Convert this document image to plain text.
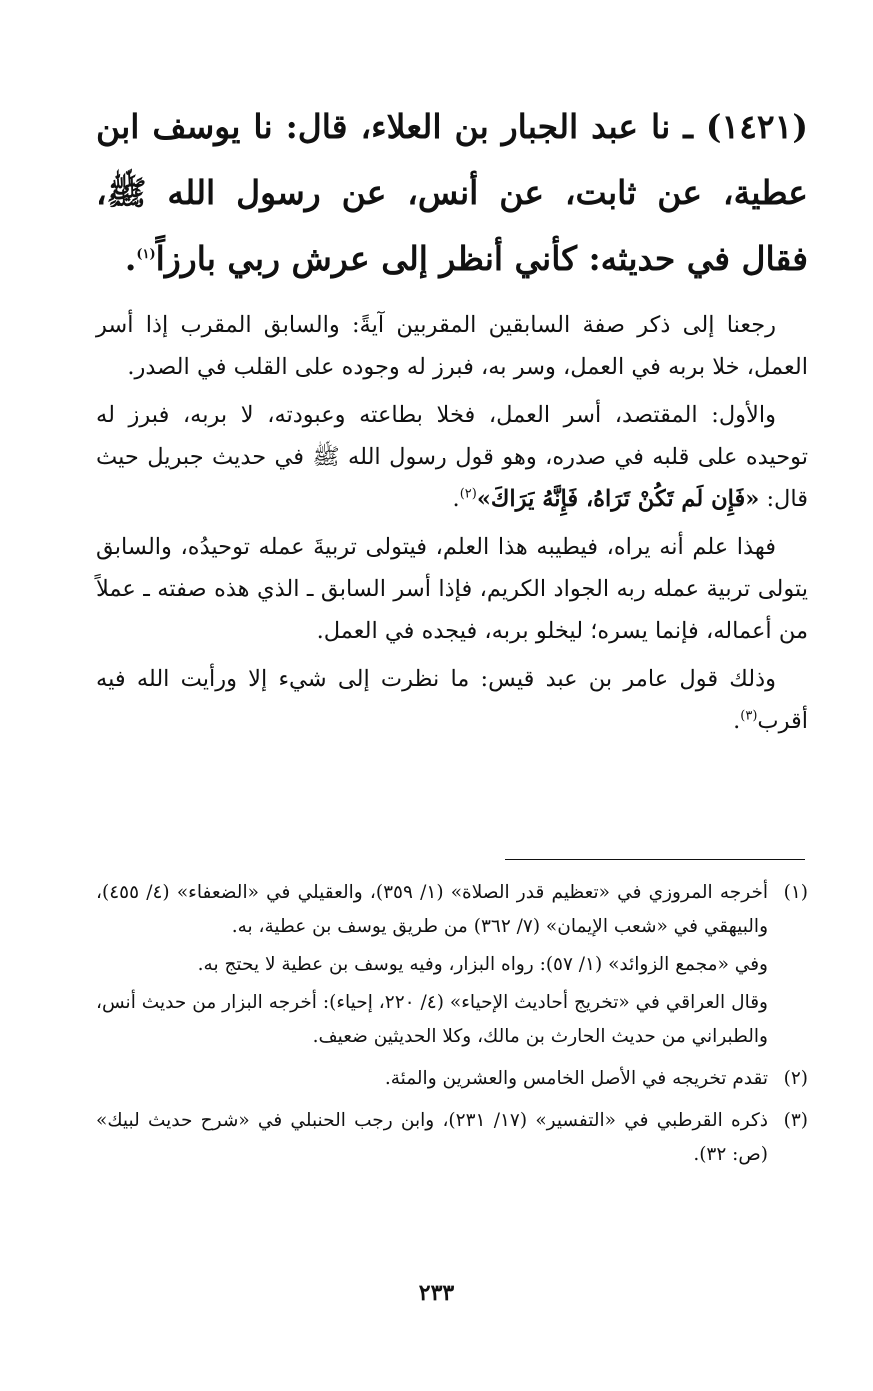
(١٤٢١) ـ نا عبد الجبار بن العلاء، قال: نا يوسف ابن عطية، عن ثابت، عن أنس، عن رسول الله ﷺ، فقال في حديثه: كأني أنظر إلى عرش ربي بارزاً$^{(١)}$.

رجعنا إلى ذكر صفة السابقين المقربين آيةً: والسابق المقرب إذا أسر العمل، خلا بربه في العمل، وسر به، فبرز له وجوده على القلب في الصدر.

والأول: المقتصد، أسر العمل، فخلا بطاعته وعبودته، لا بربه، فبرز له توحيده على قلبه في صدره، وهو قول رسول الله ﷺ في حديث جبريل حيث قال: «فَإِن لَم تَكُنْ تَرَاهُ، فَإِنَّهُ يَرَاكَ»$^{(٢)}$.

فهذا علم أنه يراه، فيطيبه هذا العلم، فيتولى تربيةَ عمله توحيدُه، والسابق يتولى تربية عمله ربه الجواد الكريم، فإذا أسر السابق ـ الذي هذه صفته ـ عملاً من أعماله، فإنما يسره؛ ليخلو بربه، فيجده في العمل.

وذلك قول عامر بن عبد قيس: ما نظرت إلى شيء إلا ورأيت الله فيه أقرب$^{(٣)}$.

(١)

أخرجه المروزي في «تعظيم قدر الصلاة» (١/ ٣٥٩)، والعقيلي في «الضعفاء» (٤/ ٤٥٥)، والبيهقي في «شعب الإيمان» (٧/ ٣٦٢) من طريق يوسف بن عطية، به.

وفي «مجمع الزوائد» (١/ ٥٧): رواه البزار، وفيه يوسف بن عطية لا يحتج به.

وقال العراقي في «تخريج أحاديث الإحياء» (٤/ ٢٢٠، إحياء): أخرجه البزار من حديث أنس، والطبراني من حديث الحارث بن مالك، وكلا الحديثين ضعيف.

(٢)

تقدم تخريجه في الأصل الخامس والعشرين والمئة.

(٣)

ذكره القرطبي في «التفسير» (١٧/ ٢٣١)، وابن رجب الحنبلي في «شرح حديث لبيك» (ص: ٣٢).

٢٣٣
